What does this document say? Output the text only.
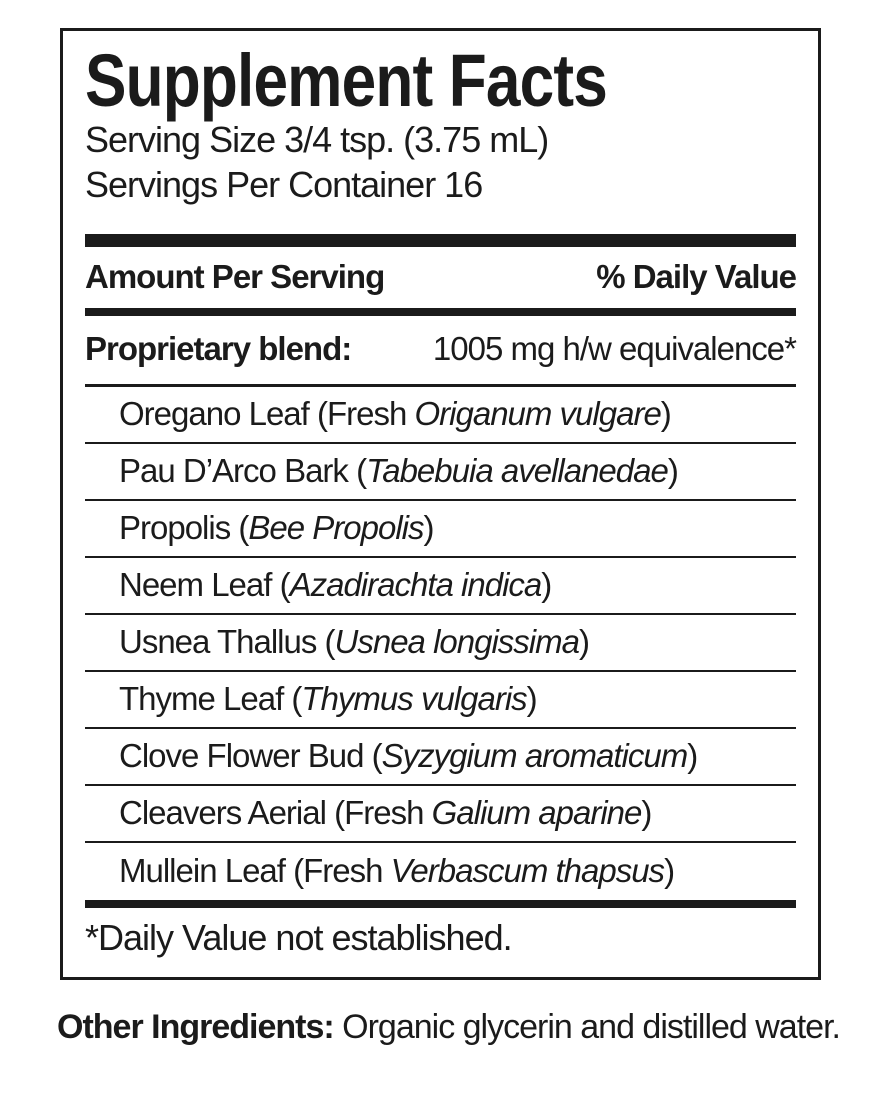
Supplement Facts
Serving Size 3/4 tsp. (3.75 mL)
Servings Per Container 16
Amount Per Serving	% Daily Value
Proprietary blend: 1005 mg h/w equivalence*
Oregano Leaf (Fresh Origanum vulgare)
Pau D’Arco Bark (Tabebuia avellanedae)
Propolis (Bee Propolis)
Neem Leaf (Azadirachta indica)
Usnea Thallus (Usnea longissima)
Thyme Leaf (Thymus vulgaris)
Clove Flower Bud (Syzygium aromaticum)
Cleavers Aerial (Fresh Galium aparine)
Mullein Leaf (Fresh Verbascum thapsus)
*Daily Value not established.
Other Ingredients: Organic glycerin and distilled water.
